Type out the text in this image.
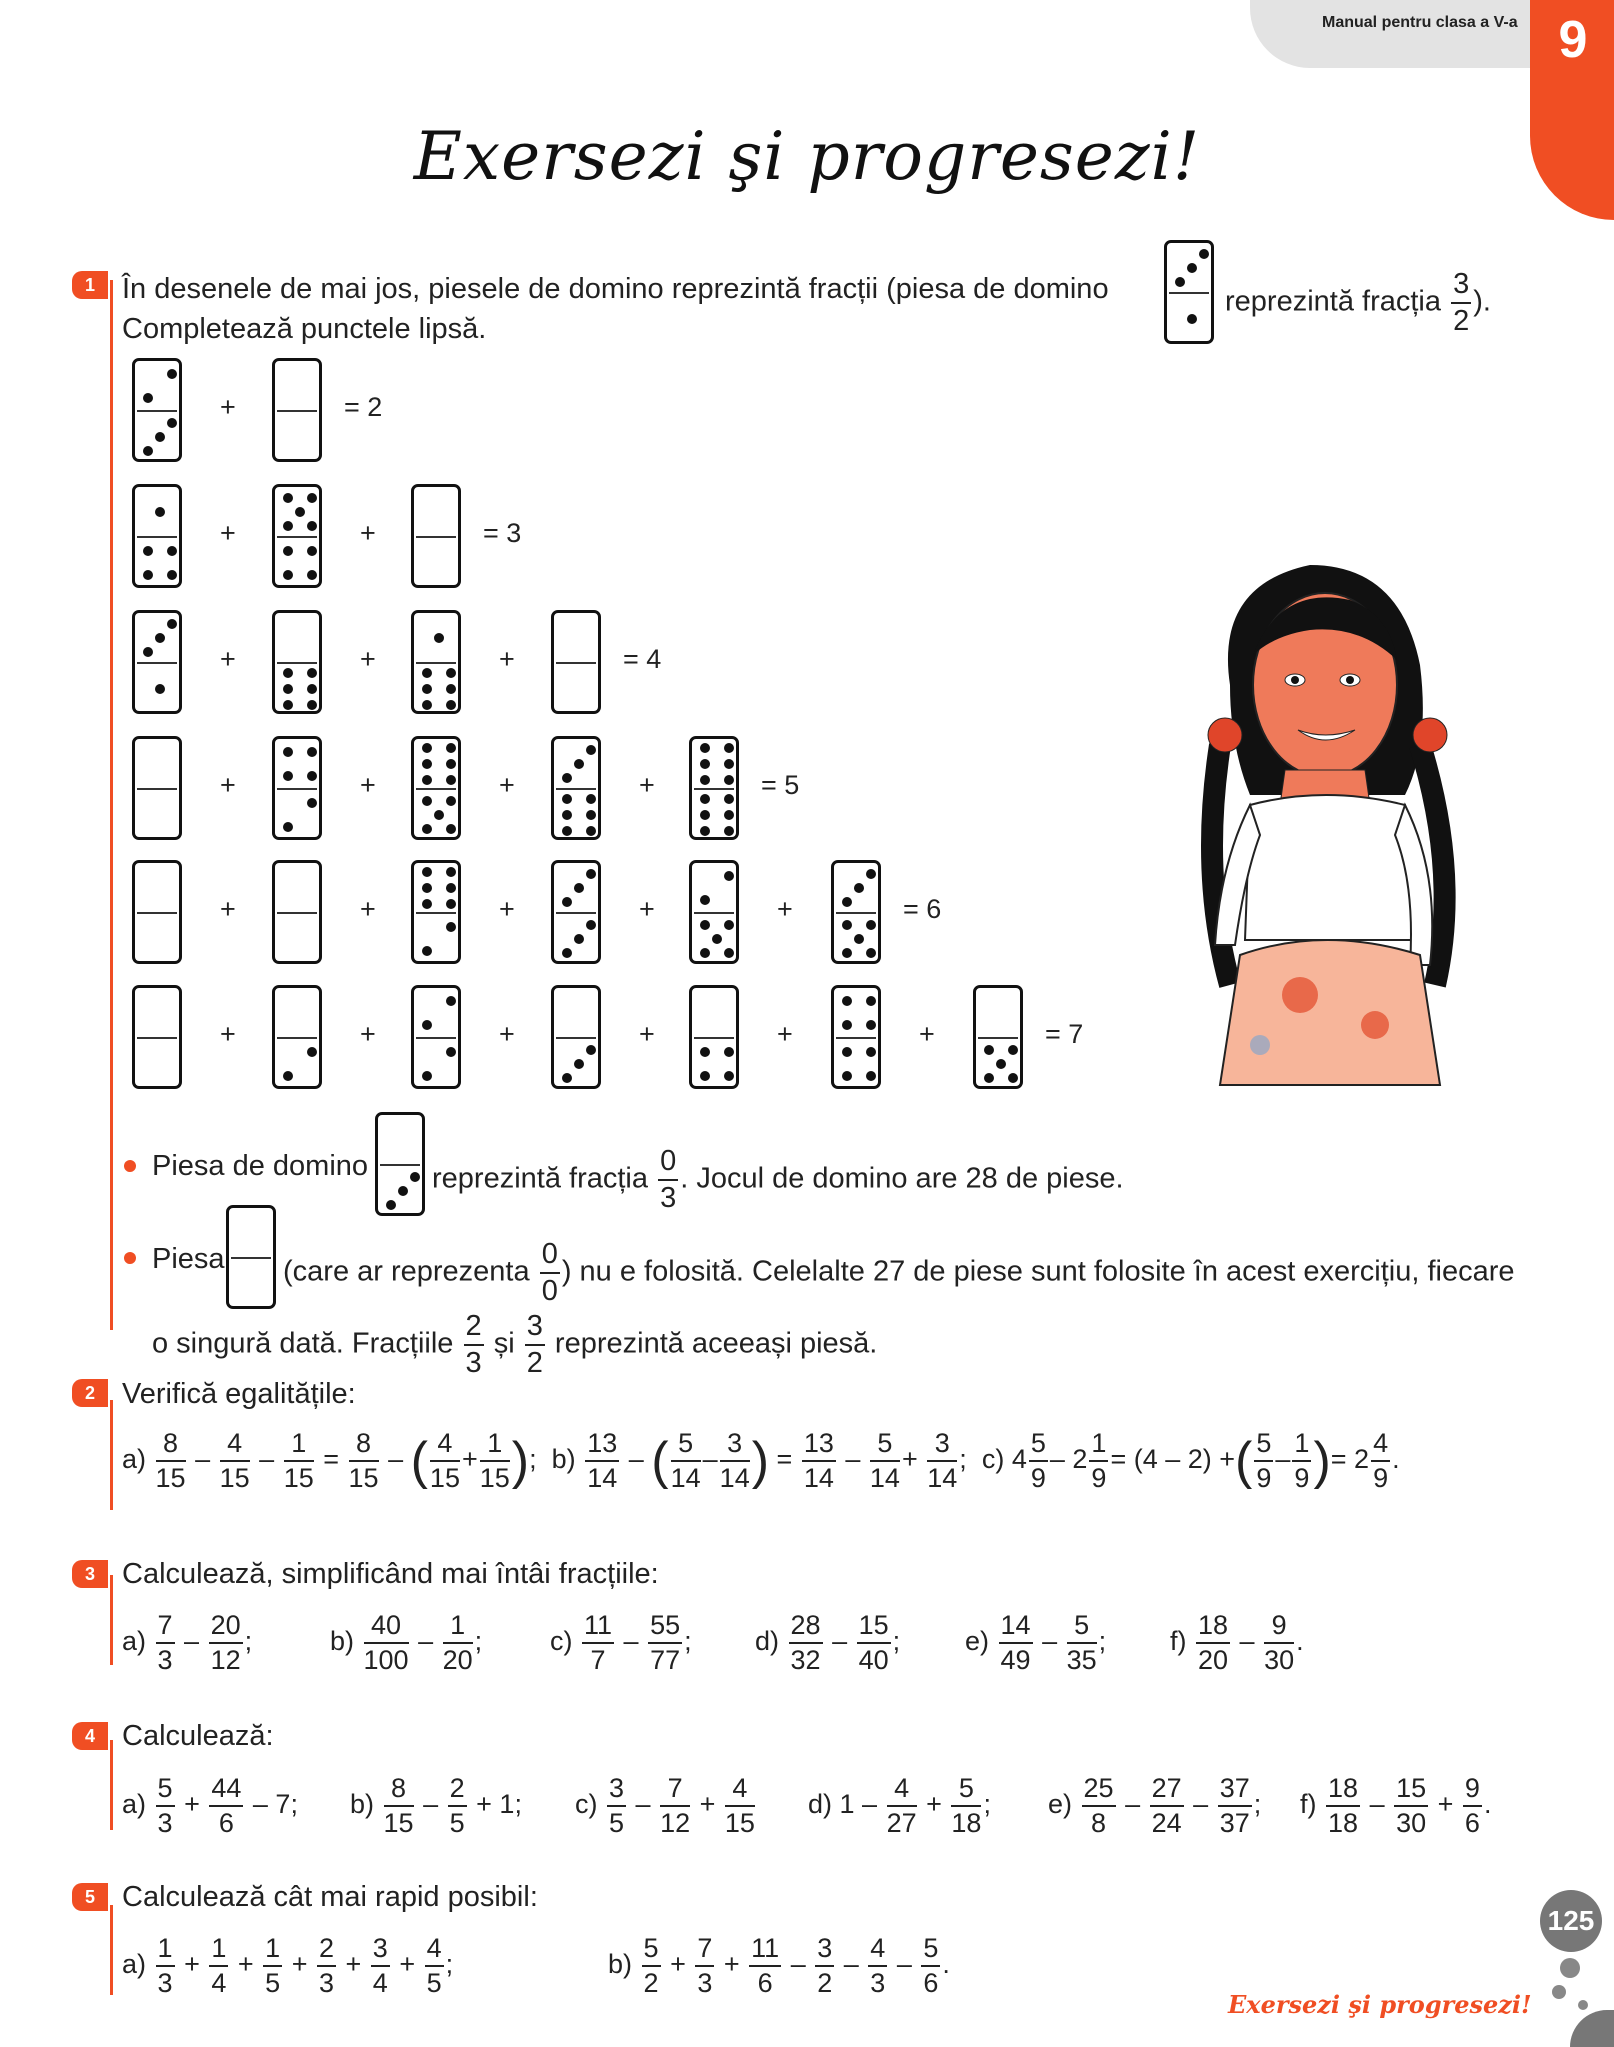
Manual pentru clasa a V-a 9
Exersezi şi progresezi!
1 În desenele de mai jos, piesele de domino reprezintă fracții (piesa de domino	reprezintă fracția $\frac{3}{2}$ ).
Completează punctele lipsă.
+	= 2
+	+	= 3
+	+	+	= 4
+	+	+	+	= 5
+	+	+	+	+	= 6
+	+	+	+	+	+	= 7
Piesa de domino reprezintă fracția $\frac{0}{3}$ . Jocul de domino are 28 de piese.
Piesa (care ar reprezenta $\frac{0}{0}$ ) nu e folosită. Celelalte 27 de piese sunt folosite în acest exercițiu, fiecare
o singură dată. Fracțiile $\frac{2}{3}$ și $\frac{3}{2}$ reprezintă aceeași piesă.
2 Verifică egalitățile:
$a) \frac{8}{15} - \frac{4}{15} - \frac{1}{15} = \frac{8}{15}$ – ( $\frac{4}{15} + \frac{1}{15}$ ); $b) \frac{13}{14}$ – ( $\frac{5}{14} - \frac{3}{14}$ ) = $\frac{13}{14} - \frac{5}{14} + \frac{3}{14}$ ; c) $4 \frac{5}{9} - 2 \frac{1}{9} = (4 - 2)$ +( $\frac{5}{9} - \frac{1}{9}$ )= $2 \frac{4}{9}$ .
3 Calculează, simplificând mai întâi fracțiile:
$a) \frac{7}{3} - \frac{20}{12}$ ;	$b) \frac{40}{100} - \frac{1}{20}$ ;	$c) \frac{11}{7} - \frac{55}{77}$ ; $d) \frac{28}{32} - \frac{15}{40}$ ; $e) \frac{14}{49} - \frac{5}{35}$ ; $f) \frac{18}{20} - \frac{9}{30}$ .
4 Calculează:
$a) \frac{5}{3} + \frac{44}{6} - 7$; $b) \frac{8}{15} - \frac{2}{5} + 1$; $c) \frac{3}{5} - \frac{7}{12} + \frac{4}{15} d$) $1 - \frac{4}{27} + \frac{5}{18}$ ; $e) \frac{25}{8} - \frac{27}{24} - \frac{37}{37}$ ; $f) \frac{18}{18} - \frac{15}{30} + \frac{9}{6}$ .
5 Calculează cât mai rapid posibil:
$a) \frac{1}{3} + \frac{1}{4} + \frac{1}{5} + \frac{2}{3} + \frac{3}{4} + \frac{4}{5}$ ;	$b) \frac{5}{2} + \frac{7}{3} + \frac{11}{6} - \frac{3}{2} - \frac{4}{3} - \frac{5}{6}$ .
125
Exersezi şi progresezi!
